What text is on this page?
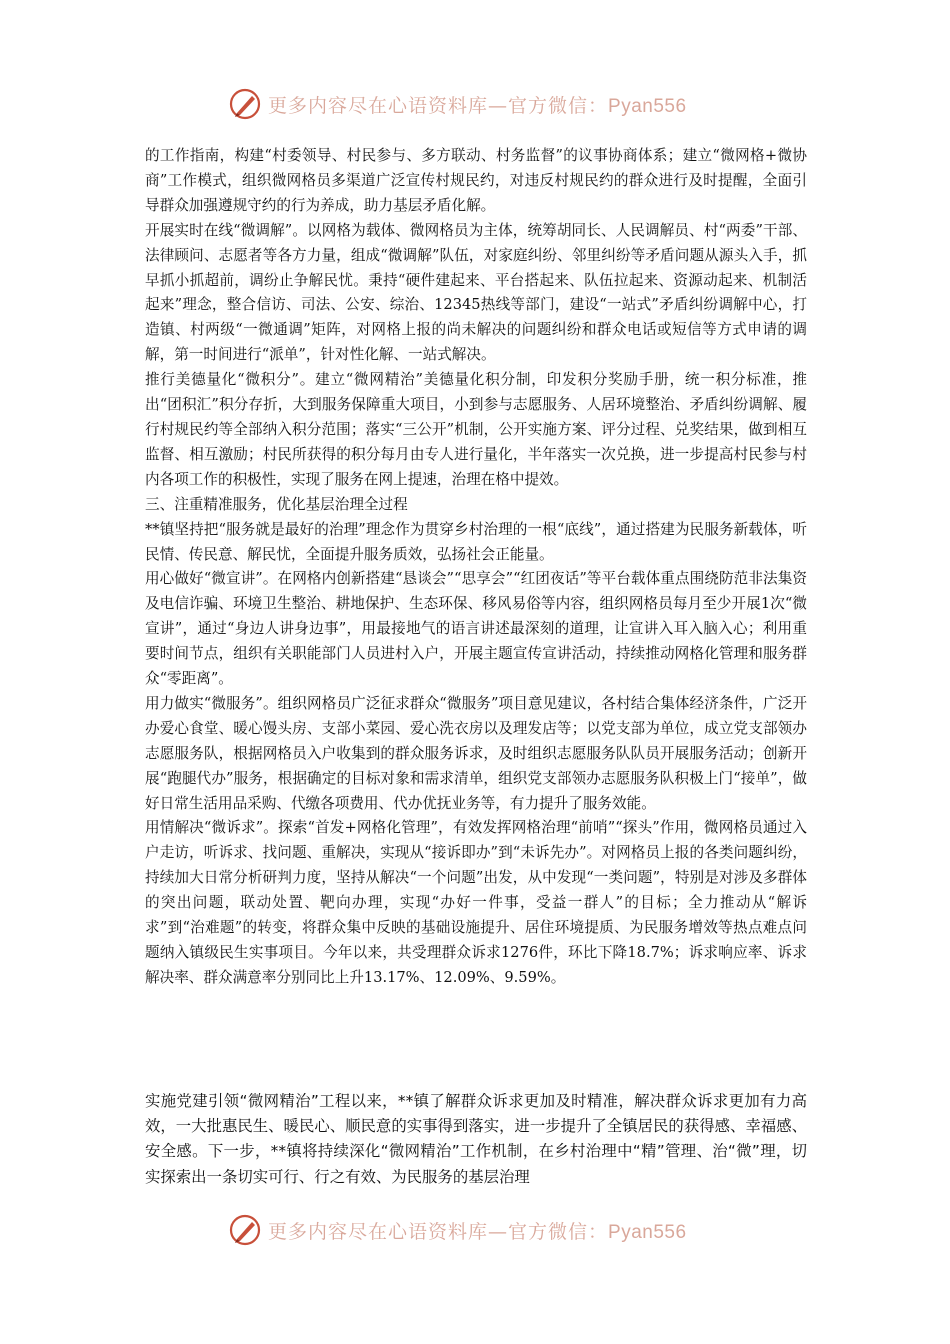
更多内容尽在心语资料库—官方微信：Pyan556

的工作指南，构建“村委领导、村民参与、多方联动、村务监督”的议事协商体系；建立“微网格+微协商”工作模式，组织微网格员多渠道广泛宣传村规民约，对违反村规民约的群众进行及时提醒，全面引导群众加强遵规守约的行为养成，助力基层矛盾化解。

开展实时在线“微调解”。以网格为载体、微网格员为主体，统筹胡同长、人民调解员、村“两委”干部、法律顾问、志愿者等各方力量，组成“微调解”队伍，对家庭纠纷、邻里纠纷等矛盾问题从源头入手，抓早抓小抓超前，调纷止争解民忧。秉持“硬件建起来、平台搭起来、队伍拉起来、资源动起来、机制活起来”理念，整合信访、司法、公安、综治、12345热线等部门，建设“一站式”矛盾纠纷调解中心，打造镇、村两级“一微通调”矩阵，对网格上报的尚未解决的问题纠纷和群众电话或短信等方式申请的调解，第一时间进行“派单”，针对性化解、一站式解决。

推行美德量化“微积分”。建立“微网精治”美德量化积分制，印发积分奖励手册，统一积分标准，推出“团积汇”积分存折，大到服务保障重大项目，小到参与志愿服务、人居环境整治、矛盾纠纷调解、履行村规民约等全部纳入积分范围；落实“三公开”机制，公开实施方案、评分过程、兑奖结果，做到相互监督、相互激励；村民所获得的积分每月由专人进行量化，半年落实一次兑换，进一步提高村民参与村内各项工作的积极性，实现了服务在网上提速，治理在格中提效。

三、注重精准服务，优化基层治理全过程

**镇坚持把“服务就是最好的治理”理念作为贯穿乡村治理的一根“底线”，通过搭建为民服务新载体，听民情、传民意、解民忧，全面提升服务质效，弘扬社会正能量。

用心做好“微宣讲”。在网格内创新搭建“恳谈会”“思享会”“红团夜话”等平台载体重点围绕防范非法集资及电信诈骗、环境卫生整治、耕地保护、生态环保、移风易俗等内容，组织网格员每月至少开展1次“微宣讲”，通过“身边人讲身边事”，用最接地气的语言讲述最深刻的道理，让宣讲入耳入脑入心；利用重要时间节点，组织有关职能部门人员进村入户，开展主题宣传宣讲活动，持续推动网格化管理和服务群众“零距离”。

用力做实“微服务”。组织网格员广泛征求群众“微服务”项目意见建议，各村结合集体经济条件，广泛开办爱心食堂、暖心馒头房、支部小菜园、爱心洗衣房以及理发店等；以党支部为单位，成立党支部领办志愿服务队，根据网格员入户收集到的群众服务诉求，及时组织志愿服务队队员开展服务活动；创新开展“跑腿代办”服务，根据确定的目标对象和需求清单，组织党支部领办志愿服务队积极上门“接单”，做好日常生活用品采购、代缴各项费用、代办优抚业务等，有力提升了服务效能。

用情解决“微诉求”。探索“首发+网格化管理”，有效发挥网格治理“前哨”“探头”作用，微网格员通过入户走访，听诉求、找问题、重解决，实现从“接诉即办”到“未诉先办”。对网格员上报的各类问题纠纷，持续加大日常分析研判力度，坚持从解决“一个问题”出发，从中发现“一类问题”，特别是对涉及多群体的突出问题，联动处置、靶向办理，实现“办好一件事，受益一群人”的目标；全力推动从“解诉求”到“治难题”的转变，将群众集中反映的基础设施提升、居住环境提质、为民服务增效等热点难点问题纳入镇级民生实事项目。今年以来，共受理群众诉求1276件，环比下降18.7%；诉求响应率、诉求解决率、群众满意率分别同比上升13.17%、12.09%、9.59%。

实施党建引领“微网精治”工程以来，**镇了解群众诉求更加及时精准，解决群众诉求更加有力高效，一大批惠民生、暖民心、顺民意的实事得到落实，进一步提升了全镇居民的获得感、幸福感、安全感。下一步，**镇将持续深化“微网精治”工作机制，在乡村治理中“精”管理、治“微”理，切实探索出一条切实可行、行之有效、为民服务的基层治理

更多内容尽在心语资料库—官方微信：Pyan556
